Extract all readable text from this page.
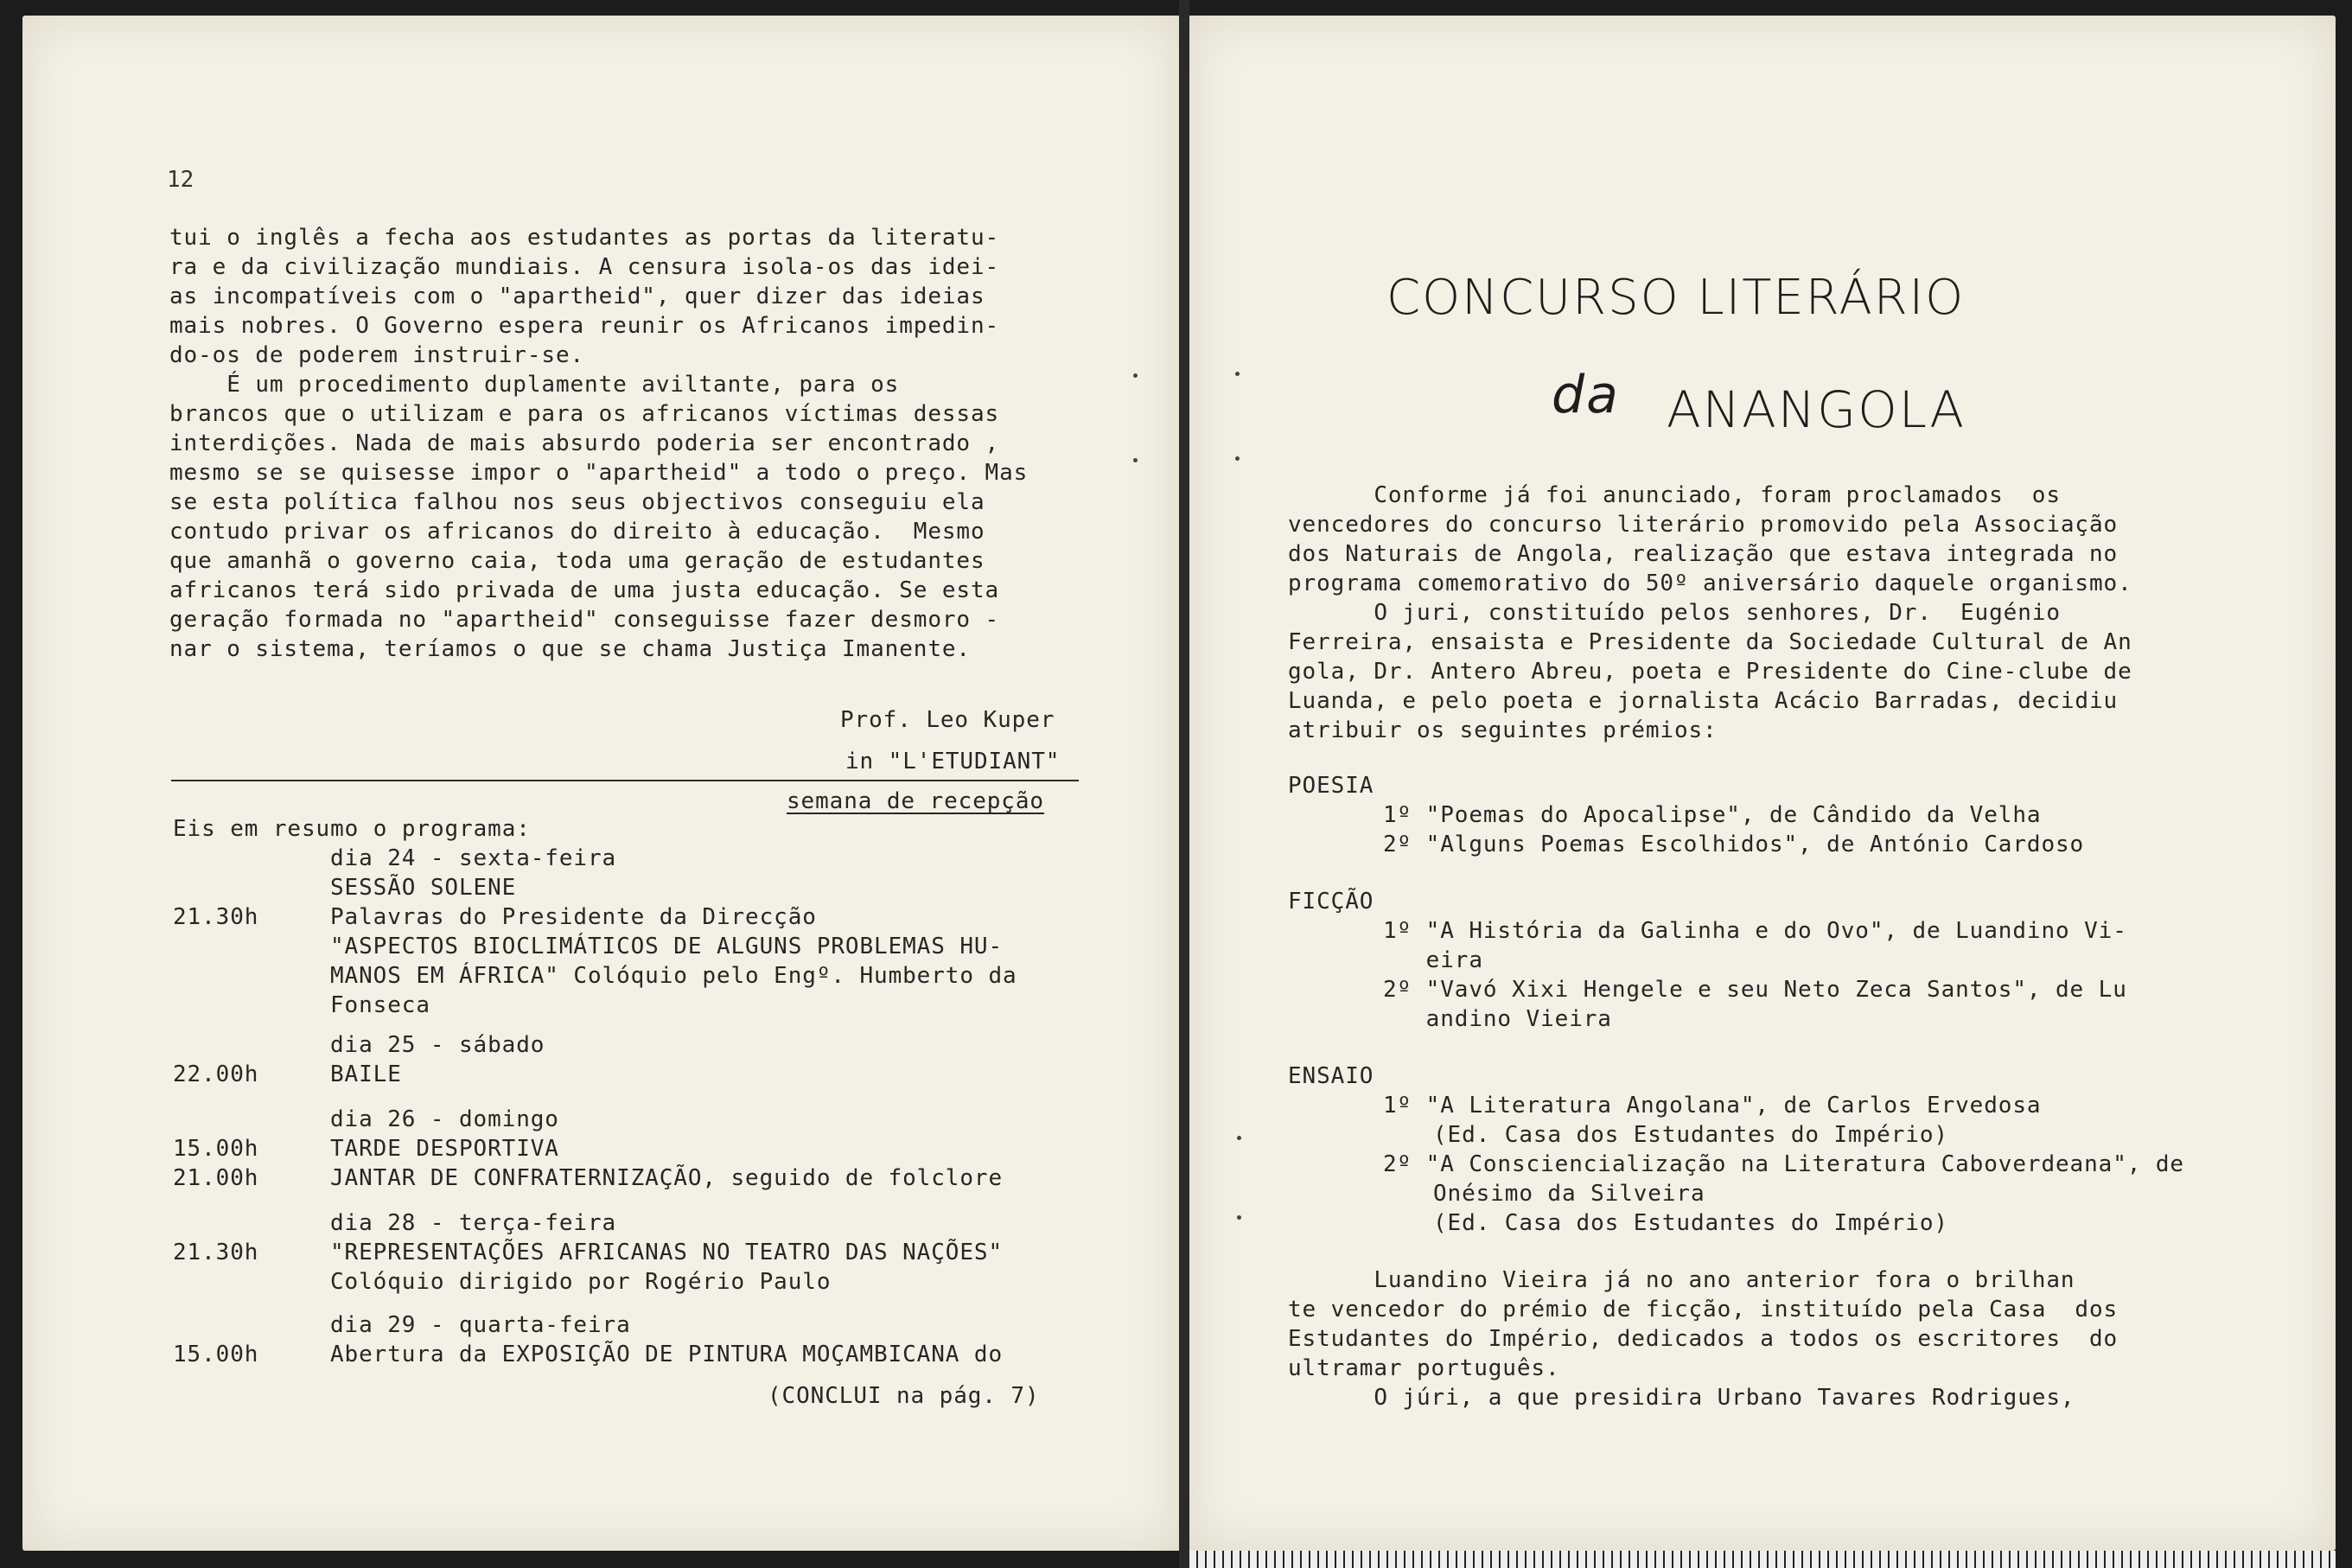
12
tui o inglês a fecha aos estudantes as portas da literatu-
ra e da civilização mundiais. A censura isola-os das idei-
as incompatíveis com o "apartheid", quer dizer das ideias
mais nobres. O Governo espera reunir os Africanos impedin-
do-os de poderem instruir-se.
É um procedimento duplamente aviltante, para os
brancos que o utilizam e para os africanos víctimas dessas
interdições. Nada de mais absurdo poderia ser encontrado ,
mesmo se se quisesse impor o "apartheid" a todo o preço. Mas
se esta política falhou nos seus objectivos conseguiu ela
contudo privar os africanos do direito à educação.  Mesmo
que amanhã o governo caia, toda uma geração de estudantes
africanos terá sido privada de uma justa educação. Se esta
geração formada no "apartheid" conseguisse fazer desmoro -
nar o sistema, teríamos o que se chama Justiça Imanente.
Prof. Leo Kuper
in "L'ETUDIANT"
semana de recepção
Eis em resumo o programa:
dia 24 - sexta-feira
SESSÃO SOLENE
21.30h	Palavras do Presidente da Direcção
"ASPECTOS BIOCLIMÁTICOS DE ALGUNS PROBLEMAS HU-
MANOS EM ÁFRICA" Colóquio pelo Engº. Humberto da
Fonseca
dia 25 - sábado
22.00h	BAILE
dia 26 - domingo
15.00h	TARDE DESPORTIVA
21.00h	JANTAR DE CONFRATERNIZAÇÃO, seguido de folclore
dia 28 - terça-feira
21.30h	"REPRESENTAÇÕES AFRICANAS NO TEATRO DAS NAÇÕES"
Colóquio dirigido por Rogério Paulo
dia 29 - quarta-feira
15.00h	Abertura da EXPOSIÇÃO DE PINTURA MOÇAMBICANA do
(CONCLUI na pág. 7)
CONCURSO LITERÁRIO
da ANANGOLA
Conforme já foi anunciado, foram proclamados  os
vencedores do concurso literário promovido pela Associação
dos Naturais de Angola, realização que estava integrada no
programa comemorativo do 50º aniversário daquele organismo.
O juri, constituído pelos senhores, Dr.  Eugénio
Ferreira, ensaista e Presidente da Sociedade Cultural de An
gola, Dr. Antero Abreu, poeta e Presidente do Cine-clube de
Luanda, e pelo poeta e jornalista Acácio Barradas, decidiu
atribuir os seguintes prémios:
POESIA
1º "Poemas do Apocalipse", de Cândido da Velha
2º "Alguns Poemas Escolhidos", de António Cardoso
FICÇÃO
1º "A História da Galinha e do Ovo", de Luandino Vi-
eira
2º "Vavó Xixi Hengele e seu Neto Zeca Santos", de Lu
andino Vieira
ENSAIO
1º "A Literatura Angolana", de Carlos Ervedosa
(Ed. Casa dos Estudantes do Império)
2º "A Consciencialização na Literatura Caboverdeana", de
Onésimo da Silveira
(Ed. Casa dos Estudantes do Império)
Luandino Vieira já no ano anterior fora o brilhan
te vencedor do prémio de ficção, instituído pela Casa  dos
Estudantes do Império, dedicados a todos os escritores  do
ultramar português.
O júri, a que presidira Urbano Tavares Rodrigues,
